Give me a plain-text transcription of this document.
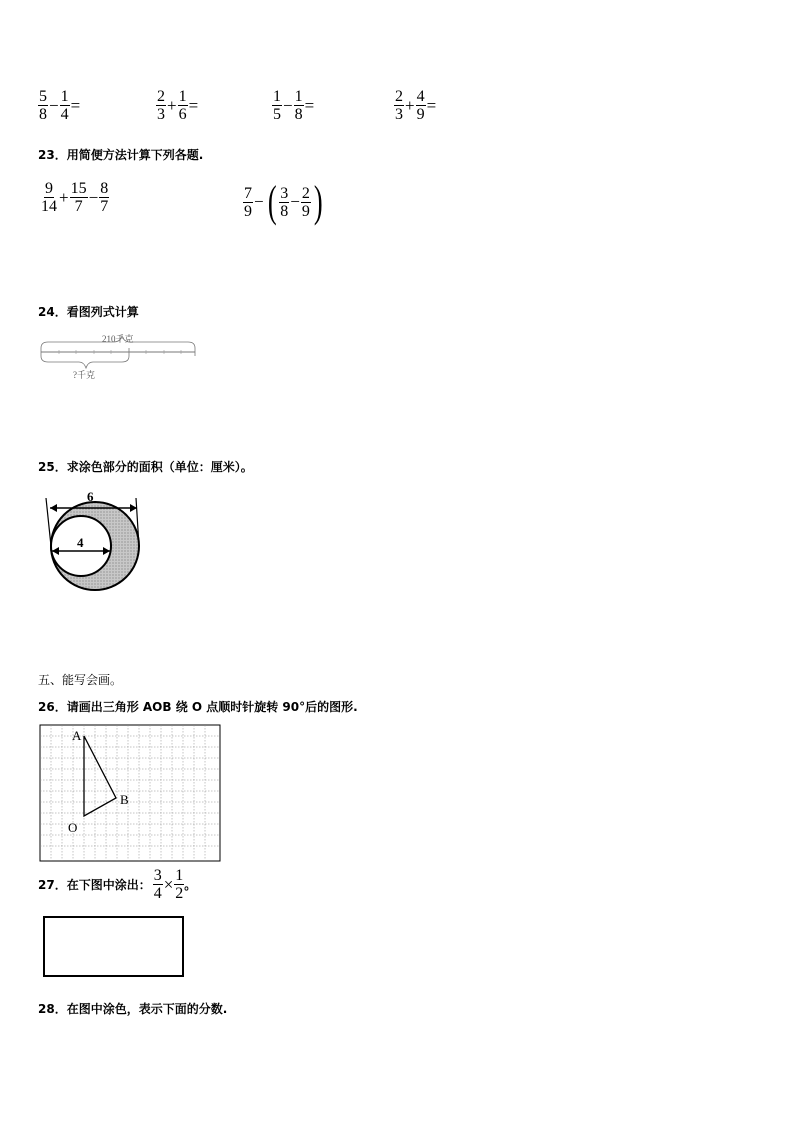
$\frac{5}{8} - \frac{1}{4}$ =	$\frac{2}{3} + \frac{1}{6}$ =	$\frac{1}{5} - \frac{1}{8}$ =	$\frac{2}{3} + \frac{4}{9}$ =
23．用简便方法计算下列各题.
$\frac{9}{14} + \frac{15}{7} - \frac{8}{7}$	$\frac{7}{9}$ − ( $\frac{3}{8} - \frac{2}{9}$ )
24．看图列式计算
210千克
?千克
25．求涂色部分的面积（单位：厘米）。
6
4
五、能写会画。
26．请画出三角形 AOB 绕 O 点顺时针旋转 90°后的图形.
A
B
O
27．在下图中涂出： $\frac{3}{4} \times \frac{1}{2}$ 。
28．在图中涂色，表示下面的分数.
